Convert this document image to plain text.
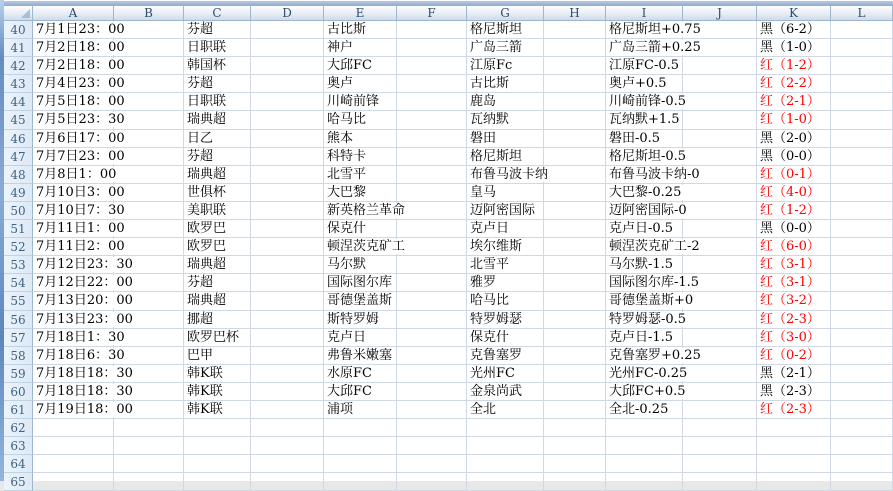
A	B	C	D	E	F	G	H	I	J	K	L
40 7月1日23：00	芬超	古比斯	格尼斯坦	格尼斯坦+0.75	黑（6-2）
41 7月2日18：00	日职联	神户	广岛三箭	广岛三箭+0.25	黑（1-0）
42 7月2日18：00	韩国杯	大邱FC	江原Fc	江原FC-0.5	红（1-2）
43 7月4日23：00	芬超	奥卢	古比斯	奥卢+0.5	红（2-2）
44 7月5日18：00	日职联	川崎前锋	鹿岛	川崎前锋-0.5	红（2-1）
45 7月5日23：30	瑞典超	哈马比	瓦纳默	瓦纳默+1.5	红（1-0）
46 7月6日17：00	日乙	熊本	磐田	磐田-0.5	黑（2-0）
47 7月7日23：00	芬超	科特卡	格尼斯坦	格尼斯坦-0.5	黑（0-0）
48 7月8日1：00	瑞典超	北雪平	布鲁马波卡纳	布鲁马波卡纳-0	红（0-1）
49 7月10日3：00	世俱杯	大巴黎	皇马	大巴黎-0.25	红（4-0）
50 7月10日7：30	美职联	新英格兰革命	迈阿密国际	迈阿密国际-0	红（1-2）
51 7月11日1：00	欧罗巴	保克什	克卢日	克卢日-0.5	黑（0-0）
52 7月11日2：00	欧罗巴	顿涅茨克矿工	埃尔维斯	顿涅茨克矿工-2	红（6-0）
53 7月12日23：30	瑞典超	马尔默	北雪平	马尔默-1.5	红（3-1）
54 7月12日22：00	芬超	国际图尔库	雅罗	国际图尔库-1.5	红（3-1）
55 7月13日20：00	瑞典超	哥德堡盖斯	哈马比	哥德堡盖斯+0	红（3-2）
56 7月13日23：00	挪超	斯特罗姆	特罗姆瑟	特罗姆瑟-0.5	红（2-3）
57 7月18日1：30	欧罗巴杯	克卢日	保克什	克卢日-1.5	红（3-0）
58 7月18日6：30	巴甲	弗鲁米嫩塞	克鲁塞罗	克鲁塞罗+0.25	红（0-2）
59 7月18日18：30	韩K联	水原FC	光州FC	光州FC-0.25	黑（2-1）
60 7月18日18：30	韩K联	大邱FC	金泉尚武	大邱FC+0.5	黑（2-3）
61 7月19日18：00	韩K联	浦项	全北	全北-0.25	红（2-3）
62
63
64
65
